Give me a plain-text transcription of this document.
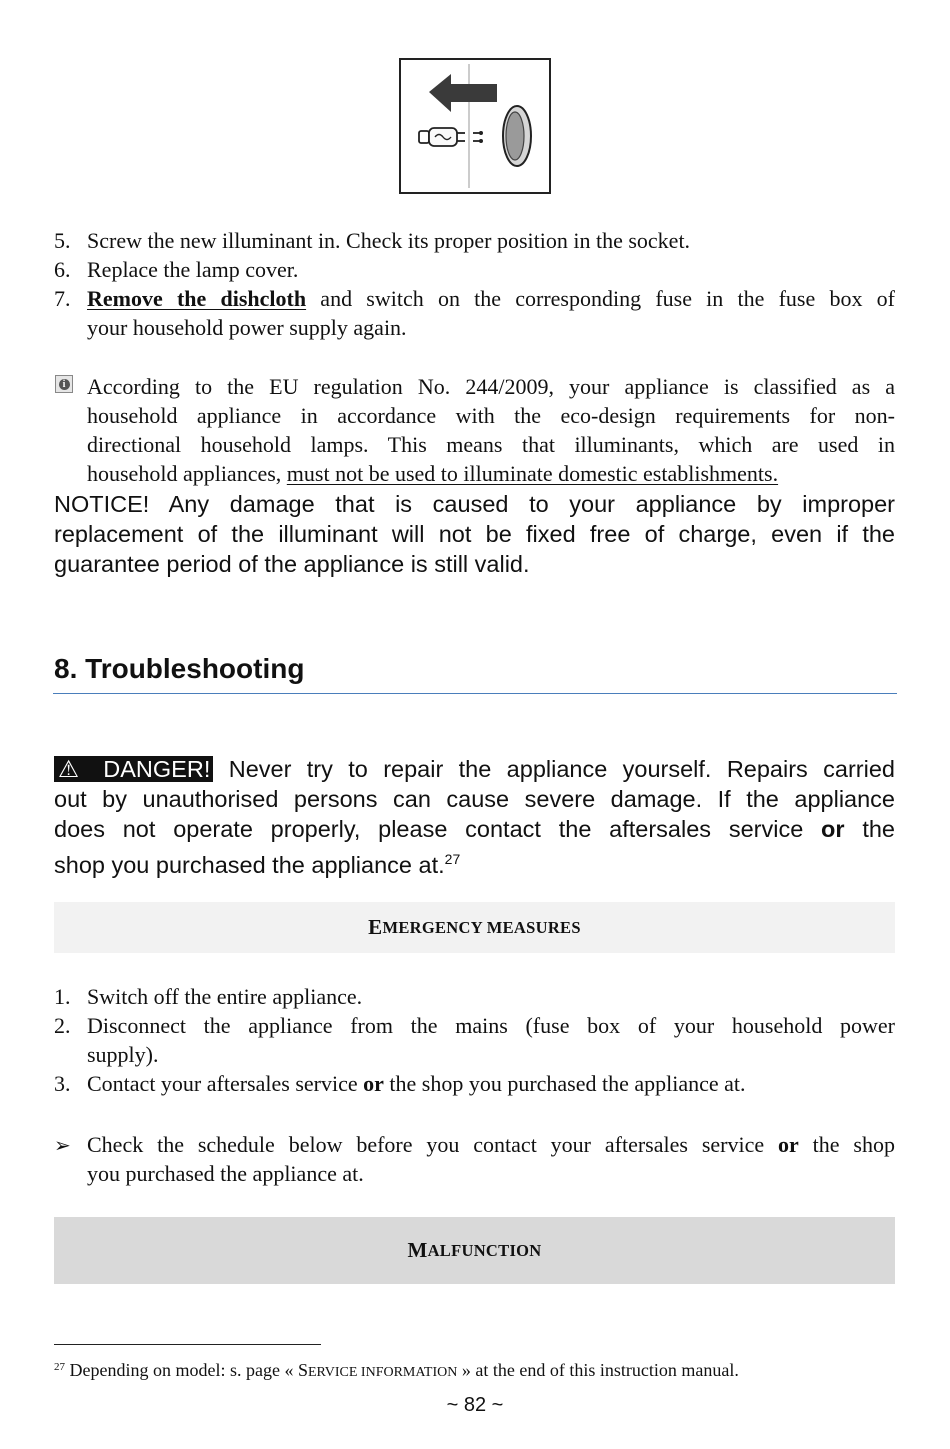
5. Screw the new illuminant in. Check its proper position in the socket.
6. Replace the lamp cover.
7. Remove the dishcloth and switch on the corresponding fuse in the fuse box of
your household power supply again.
i According to the EU regulation No. 244/2009, your appliance is classified as a
household appliance in accordance with the eco-design requirements for non-
directional household lamps. This means that illuminants, which are used in
household appliances, must not be used to illuminate domestic establishments.
NOTICE! Any damage that is caused to your appliance by improper
replacement of the illuminant will not be fixed free of charge, even if the
guarantee period of the appliance is still valid.
8. Troubleshooting
⚠ DANGER! Never try to repair the appliance yourself. Repairs carried
out by unauthorised persons can cause severe damage. If the appliance
does not operate properly, please contact the aftersales service or the
shop you purchased the appliance at.$^{27}$
E MERGENCY MEASURES
1. Switch off the entire appliance.
2. Disconnect the appliance from the mains (fuse box of your household power
supply).
3. Contact your aftersales service or the shop you purchased the appliance at.
➢ Check the schedule below before you contact your aftersales service or the shop
you purchased the appliance at.
M ALFUNCTION
$^{27}$ Depending on model: s. page « SERVICE INFORMATION » at the end of this instruction manual.
~ 82 ~
